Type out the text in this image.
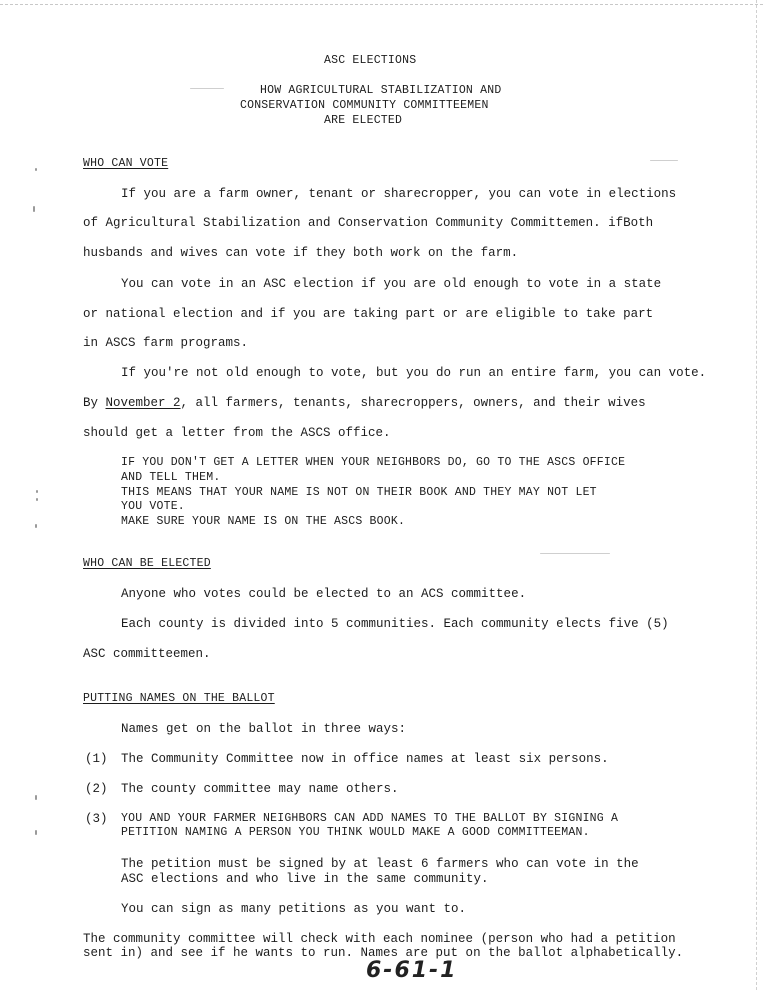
ASC ELECTIONS
HOW AGRICULTURAL STABILIZATION AND
CONSERVATION COMMUNITY COMMITTEEMEN
ARE ELECTED
WHO CAN VOTE
If you are a farm owner, tenant or sharecropper, you can vote in elections
of Agricultural Stabilization and Conservation Community Committemen. ifBoth
husbands and wives can vote if they both work on the farm.
You can vote in an ASC election if you are old enough to vote in a state
or national election and if you are taking part or are eligible to take part
in ASCS farm programs.
If you're not old enough to vote, but you do run an entire farm, you can vote.
By November 2, all farmers, tenants, sharecroppers, owners, and their wives
should get a letter from the ASCS office.
IF YOU DON'T GET A LETTER WHEN YOUR NEIGHBORS DO, GO TO THE ASCS OFFICE
AND TELL THEM.
THIS MEANS THAT YOUR NAME IS NOT ON THEIR BOOK AND THEY MAY NOT LET
YOU VOTE.
MAKE SURE YOUR NAME IS ON THE ASCS BOOK.
WHO CAN BE ELECTED
Anyone who votes could be elected to an ACS committee.
Each county is divided into 5 communities. Each community elects five (5)
ASC committeemen.
PUTTING NAMES ON THE BALLOT
Names get on the ballot in three ways:
(1) The Community Committee now in office names at least six persons.
(2) The county committee may name others.
(3) YOU AND YOUR FARMER NEIGHBORS CAN ADD NAMES TO THE BALLOT BY SIGNING A
PETITION NAMING A PERSON YOU THINK WOULD MAKE A GOOD COMMITTEEMAN.
The petition must be signed by at least 6 farmers who can vote in the
ASC elections and who live in the same community.
You can sign as many petitions as you want to.
The community committee will check with each nominee (person who had a petition
sent in) and see if he wants to run. Names are put on the ballot alphabetically.
6-61-1
